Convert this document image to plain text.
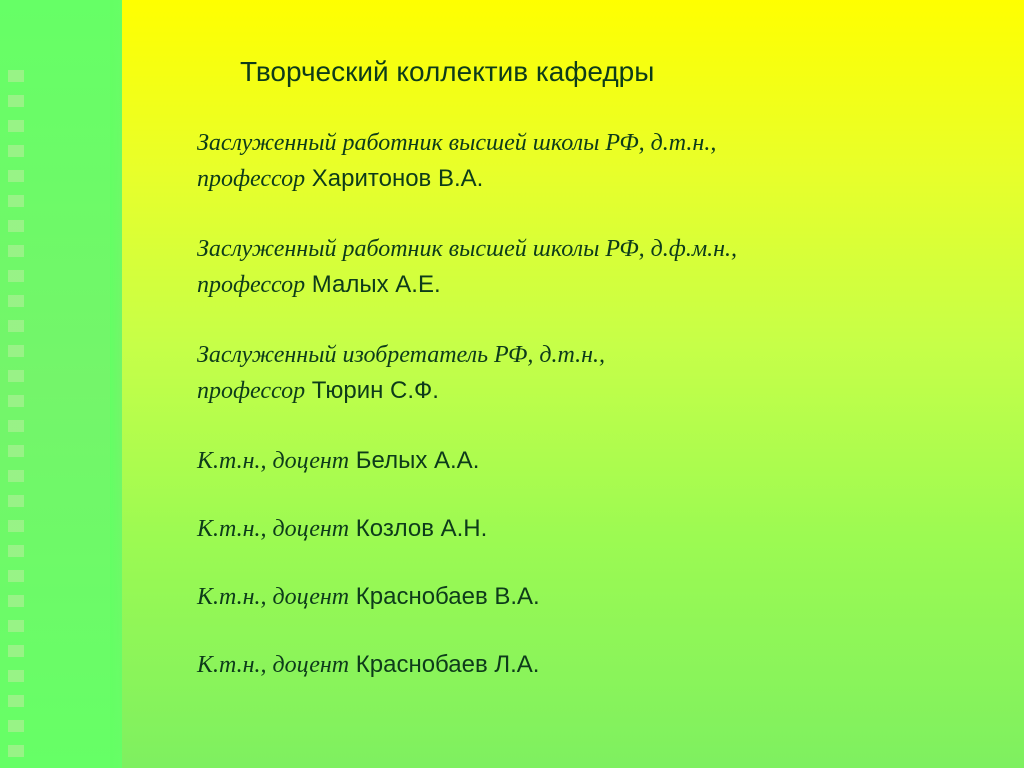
Творческий коллектив кафедры
Заслуженный работник высшей школы РФ, д.т.н.,
профессор Харитонов В.А.
Заслуженный работник высшей школы РФ, д.ф.м.н.,
профессор Малых А.Е.
Заслуженный изобретатель РФ, д.т.н.,
профессор Тюрин С.Ф.
К.т.н., доцент Белых А.А.
К.т.н., доцент Козлов А.Н.
К.т.н., доцент Краснобаев В.А.
К.т.н., доцент Краснобаев Л.А.
